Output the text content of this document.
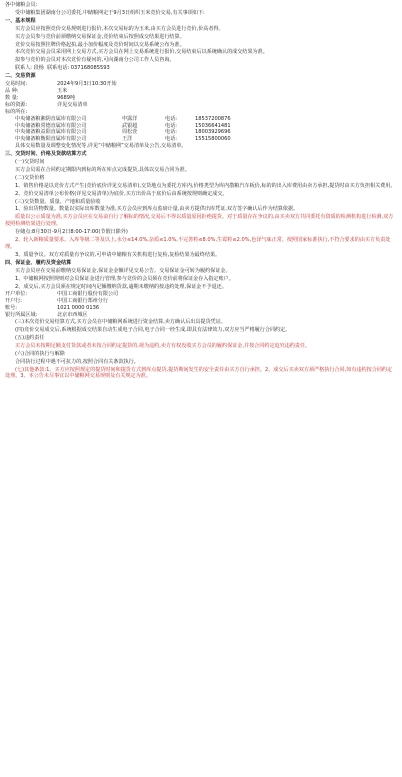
各中储粮会员:

受中储粮集团湖南分公司委托,中储粮网定于9月3日组织玉米竞价交易,有关事项如下:

一、基本规程

买方会员应按照竞价交易规则进行报价,本次交易标的为玉米,由买方会员进行竞价,价高者得。

买方会员参与竞价前须缴纳交易保证金,竞价结束后按照成交结果进行结算。

竞价交易按照挂牌价格起拍,最小加价幅度及竞价时间以交易系统公布为准。

本次竞价交易会员采用网上交易方式,买方会员在网上交易系统进行报价,交易结束后以系统确认的成交结果为准。

拟参与竞价的会员对本次竞价有疑问的,可向湖南分公司工作人员咨询。

联系人: 段杨 联系电话: 037168085593

二、交易资源

交易时间:	2024年9月3日10:30开始
品 种:	玉米
数 量:	9689吨
标的资源:	详见交易清单
标的所在:
中央储备粮湘阴直属库有限公司	申露洋	电话:	18537200876
中央储备粮常德直属库有限公司	武银超	电话:	15036641481
中央储备粮益阳直属库有限公司	周松萱	电话:	18003929696
中央储备粮衡阳直属库有限公司	王洋	电话:	15515800060

具体交易数量及调整变化情况等,详见“中储粮网”交易清单及公告,交易清单。

三、交货时间、价格及货款结算方式

(一)交货时间

买方会员需在合同约定期限内到标的所在库点完成提货,具体以交易合同为准。

(二)交货价格

1、销售价格是以竞价方式产生(竞价底价详见交易清单),交货地点为委托方库内,价格类型为库内散粮汽车板价,标的的出入库费用由卖方承担,提货时由买方负担相关费用。

2、竞价交易清单公布价格(详见交易清单)为底价,买方出价高于底价后由系统按规则确定成交。

(三)交货数量、质量、产地和质量验收

1、验出货物数量。数量以实际出库数量为准,买方会员应到库点监磅计量,由卖方提供出库凭证,双方签字确认后作为结算依据。

质量以公示质量为准,买方会员应在交易前自行了解标的情况,交易后不得以质量原因拒绝提货。对于质量存在争议的,由买卖双方共同委托有资质的检测机构进行检测,双方按照检测结果进行处理。

存储点:8月30日-9月2日8:00-17:00(节假日除外)

2、轮入新粮质量要求。入库等级二等及以上,水分≤14.0%,杂质≤1.0%,不完善粒≤8.0%,生霉粒≤2.0%,色泽气味正常。按照国家标准执行,不符合要求的由买方负责处理。

3、质量争议。双方对质量有争议的,可申请中储粮有关机构进行复检,复检结果为最终结果。

四、保证金、履约及资金结算

买方会员应在交易前缴纳交易保证金,保证金金额详见交易公告。交易保证金可转为履约保证金。

1、中储粮网按照规则对会员保证金进行管理,参与竞价的会员须在竞价前将保证金存入指定账户。

2、成交后,买方会员须在规定时间内足额缴纳货款,逾期未缴纳的按违约处理,保证金不予退还。

开户单位:	中国工商银行股份有限公司
开户行:	中国工商银行郑州分行
账号:	1021 0000 0136
银行所属区域:	北京市西城区

(三)本次竞价交易结算方式,买方会员在中储粮网系统进行资金结算,卖方确认后出具提货凭证。

(四)竞价交易成交后,系统根据成交结果自动生成电子合同,电子合同一经生成,即具有法律效力,双方应当严格履行合同约定。

(五)违约责任

买方会员未按期足额支付货款或者未按合同约定提货的,视为违约,卖方有权没收买方会员的履约保证金,并按合同约定追究违约责任。

(六)合同的执行与解除

合同执行过程中遇不可抗力的,按照合同有关条款执行。

(七)其他条款:1、买方应按照规定的提货时间和提货方式到库点提货,提货期间发生的安全责任由买方自行承担。2、成交后买卖双方须严格执行合同,如有违约按合同约定处理。3、本公告未尽事宜以中储粮网交易规则及有关规定为准。
